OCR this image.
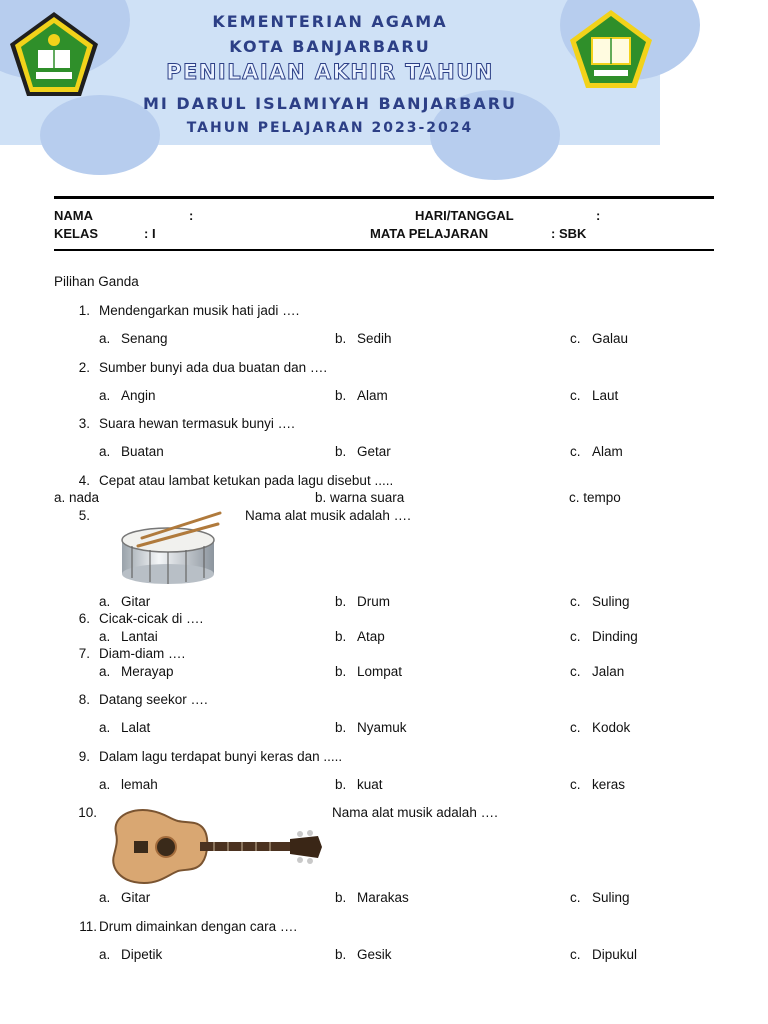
KEMENTERIAN AGAMA
KOTA BANJARBARU
PENILAIAN AKHIR TAHUN
MI DARUL ISLAMIYAH BANJARBARU
TAHUN PELAJARAN 2023-2024
NAMA	:	HARI/TANGGAL	:
KELAS	: I	MATA PELAJARAN	: SBK
Pilihan Ganda
1. Mendengarkan musik hati jadi ….
a. Senang	b. Sedih	c. Galau
2. Sumber bunyi ada dua buatan dan ….
a. Angin	b. Alam	c. Laut
3. Suara hewan termasuk bunyi ….
a. Buatan	b. Getar	c. Alam
4. Cepat atau lambat ketukan pada lagu disebut .....
a. nada	b. warna suara	c. tempo
5.	Nama alat musik adalah ….
a. Gitar	b. Drum	c. Suling
6. Cicak-cicak di ….
a. Lantai	b. Atap	c. Dinding
7. Diam-diam ….
a. Merayap	b. Lompat	c. Jalan
8. Datang seekor ….
a. Lalat	b. Nyamuk	c. Kodok
9. Dalam lagu terdapat bunyi keras dan .....
a. lemah	b. kuat	c. keras
10.	Nama alat musik adalah ….
a. Gitar	b. Marakas	c. Suling
11. Drum dimainkan dengan cara ….
a. Dipetik	b. Gesik	c. Dipukul
